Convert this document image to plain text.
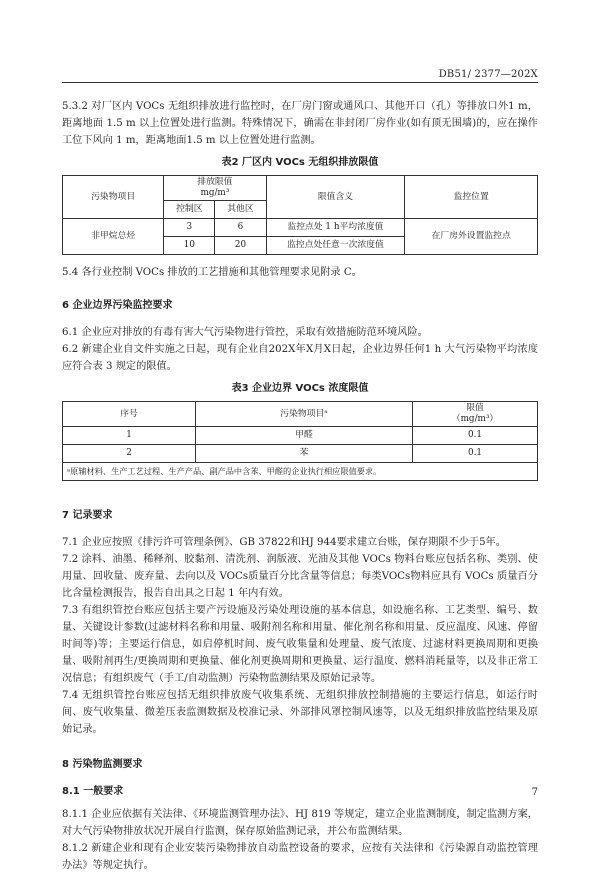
DB51/ 2377—202X

5.3.2 对厂区内 VOCs 无组织排放进行监控时，在厂房门窗或通风口、其他开口（孔）等排放口外1 m，距离地面 1.5 m 以上位置处进行监测。特殊情况下，确需在非封闭厂房作业(如有顶无围墙)的，应在操作工位下风向 1 m，距离地面1.5 m 以上位置处进行监测。

表2 厂区内 VOCs 无组织排放限值
污染物项目	排放限值
mg/m³		限值含义	监控位置
	控制区	其他区		
非甲烷总烃	3	6	监控点处 1 h平均浓度值	在厂房外设置监控点
	10	20	监控点处任意一次浓度值	

5.4 各行业控制 VOCs 排放的工艺措施和其他管理要求见附录 C。

6 企业边界污染监控要求

6.1 企业应对排放的有毒有害大气污染物进行管控，采取有效措施防范环境风险。

6.2 新建企业自文件实施之日起，现有企业自202X年X月X日起，企业边界任何1 h 大气污染物平均浓度应符合表 3 规定的限值。

表3 企业边界 VOCs 浓度限值
序号	污染物项目ᵃ	限值
（mg/m³）

1	甲醛	0.1
2	苯	0.1
ᵃ原辅材料、生产工艺过程、生产产品、副产品中含苯、甲醛的企业执行相应限值要求。		
7 记录要求

7.1 企业应按照《排污许可管理条例》、GB 37822和HJ 944要求建立台账，保存期限不少于5年。

7.2 涂料、油墨、稀释剂、胶黏剂、清洗剂、润版液、光油及其他 VOCs 物料台账应包括名称、类别、使用量、回收量、废弃量、去向以及 VOCs质量百分比含量等信息；每类VOCs物料应具有 VOCs 质量百分比含量检测报告，报告自出具之日起 1 年内有效。

7.3 有组织管控台账应包括主要产污设施及污染处理设施的基本信息，如设施名称、工艺类型、编号、数量、关键设计参数(过滤材料名称和用量、吸附剂名称和用量、催化剂名称和用量、反应温度、风速、停留时间等)等；主要运行信息，如启停机时间、废气收集量和处理量、废气浓度、过滤材料更换周期和更换量、吸附剂再生/更换周期和更换量、催化剂更换周期和更换量、运行温度、燃料消耗量等，以及非正常工况信息；有组织废气（手工/自动监测）污染物监测结果及原始记录等。

7.4 无组织管控台账应包括无组织排放废气收集系统、无组织排放控制措施的主要运行信息，如运行时间、废气收集量、微差压表监测数据及校准记录、外部排风罩控制风速等，以及无组织排放监控结果及原始记录。

8 污染物监测要求
8.1 一般要求

8.1.1 企业应依据有关法律、《环境监测管理办法》、HJ 819 等规定，建立企业监测制度，制定监测方案，对大气污染物排放状况开展自行监测，保存原始监测记录，并公布监测结果。

8.1.2 新建企业和现有企业安装污染物排放自动监控设备的要求，应按有关法律和《污染源自动监控管理办法》等规定执行。

7
